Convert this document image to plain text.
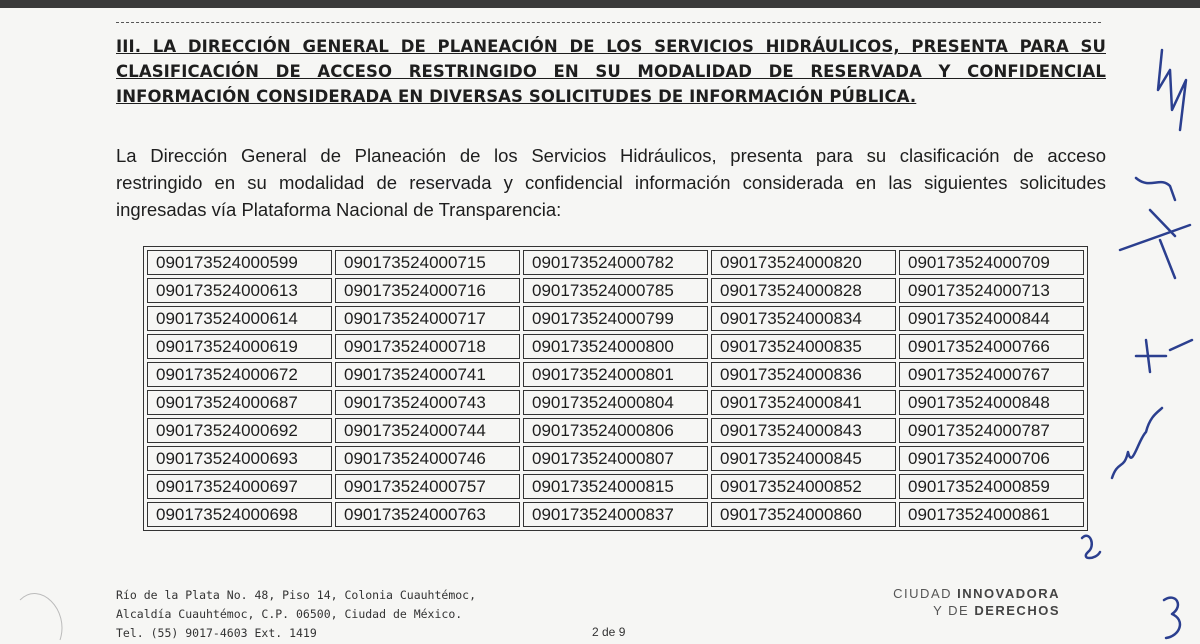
III. LA DIRECCIÓN GENERAL DE PLANEACIÓN DE LOS SERVICIOS HIDRÁULICOS, PRESENTA PARA SU
CLASIFICACIÓN DE ACCESO RESTRINGIDO EN SU MODALIDAD DE RESERVADA Y CONFIDENCIAL
INFORMACIÓN CONSIDERADA EN DIVERSAS SOLICITUDES DE INFORMACIÓN PÚBLICA.
La Dirección General de Planeación de los Servicios Hidráulicos, presenta para su clasificación de acceso
restringido en su modalidad de reservada y confidencial información considerada en las siguientes solicitudes
ingresadas vía Plataforma Nacional de Transparencia:
090173524000599	090173524000715	090173524000782	090173524000820	090173524000709
090173524000613	090173524000716	090173524000785	090173524000828	090173524000713
090173524000614	090173524000717	090173524000799	090173524000834	090173524000844
090173524000619	090173524000718	090173524000800	090173524000835	090173524000766
090173524000672	090173524000741	090173524000801	090173524000836	090173524000767
090173524000687	090173524000743	090173524000804	090173524000841	090173524000848
090173524000692	090173524000744	090173524000806	090173524000843	090173524000787
090173524000693	090173524000746	090173524000807	090173524000845	090173524000706
090173524000697	090173524000757	090173524000815	090173524000852	090173524000859
090173524000698	090173524000763	090173524000837	090173524000860	090173524000861
Río de la Plata No. 48, Piso 14, Colonia Cuauhtémoc,
Alcaldía Cuauhtémoc, C.P. 06500, Ciudad de México.
Tel. (55) 9017-4603 Ext. 1419	2 de 9
CIUDAD INNOVADORA
Y DE DERECHOS
